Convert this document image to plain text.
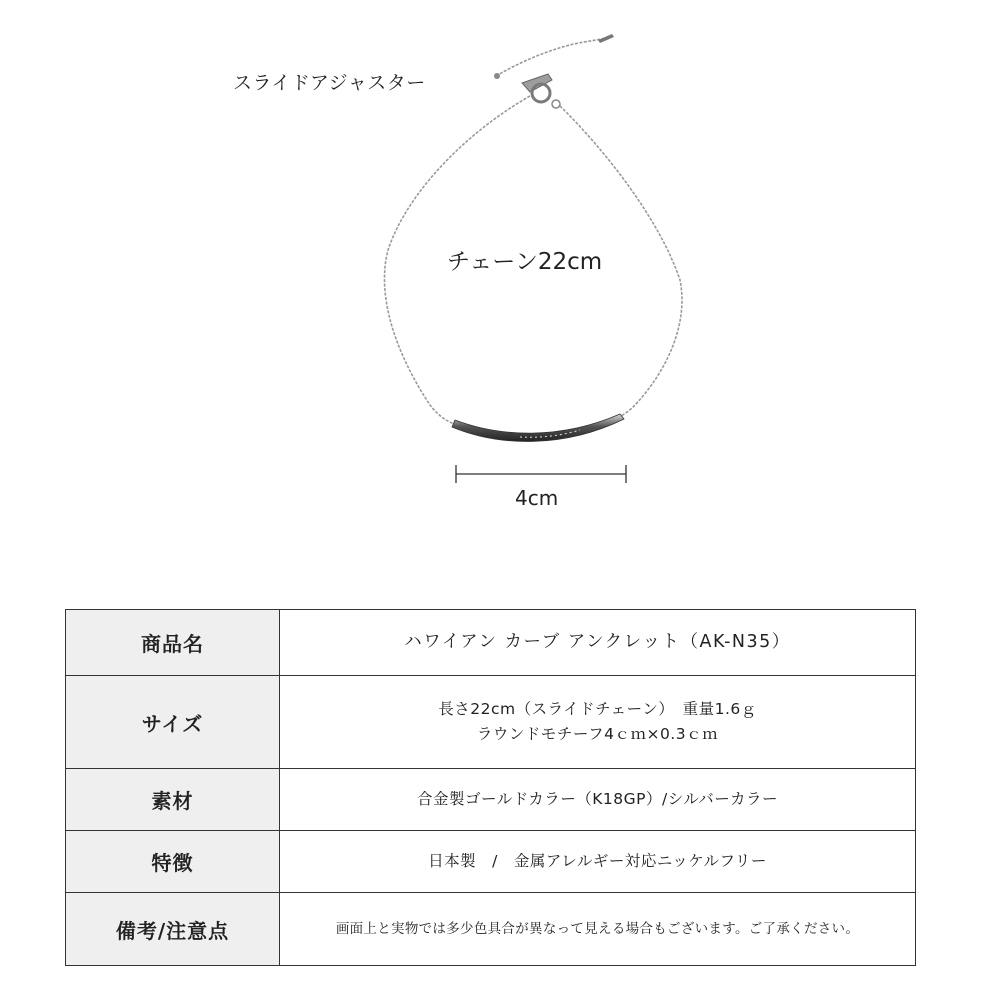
スライドアジャスター
チェーン22cm
4cm
商品名	ハワイアン カーブ アンクレット（AK-N35）
サイズ	長さ22cm（スライドチェーン）　重量1.6ｇ
ラウンドモチーフ4ｃｍ×0.3ｃｍ

素材	合金製ゴールドカラー（K18GP）/シルバーカラー
特徴	日本製　/　金属アレルギー対応ニッケルフリー
備考/注意点	画面上と実物では多少色具合が異なって見える場合もございます。ご了承ください。
